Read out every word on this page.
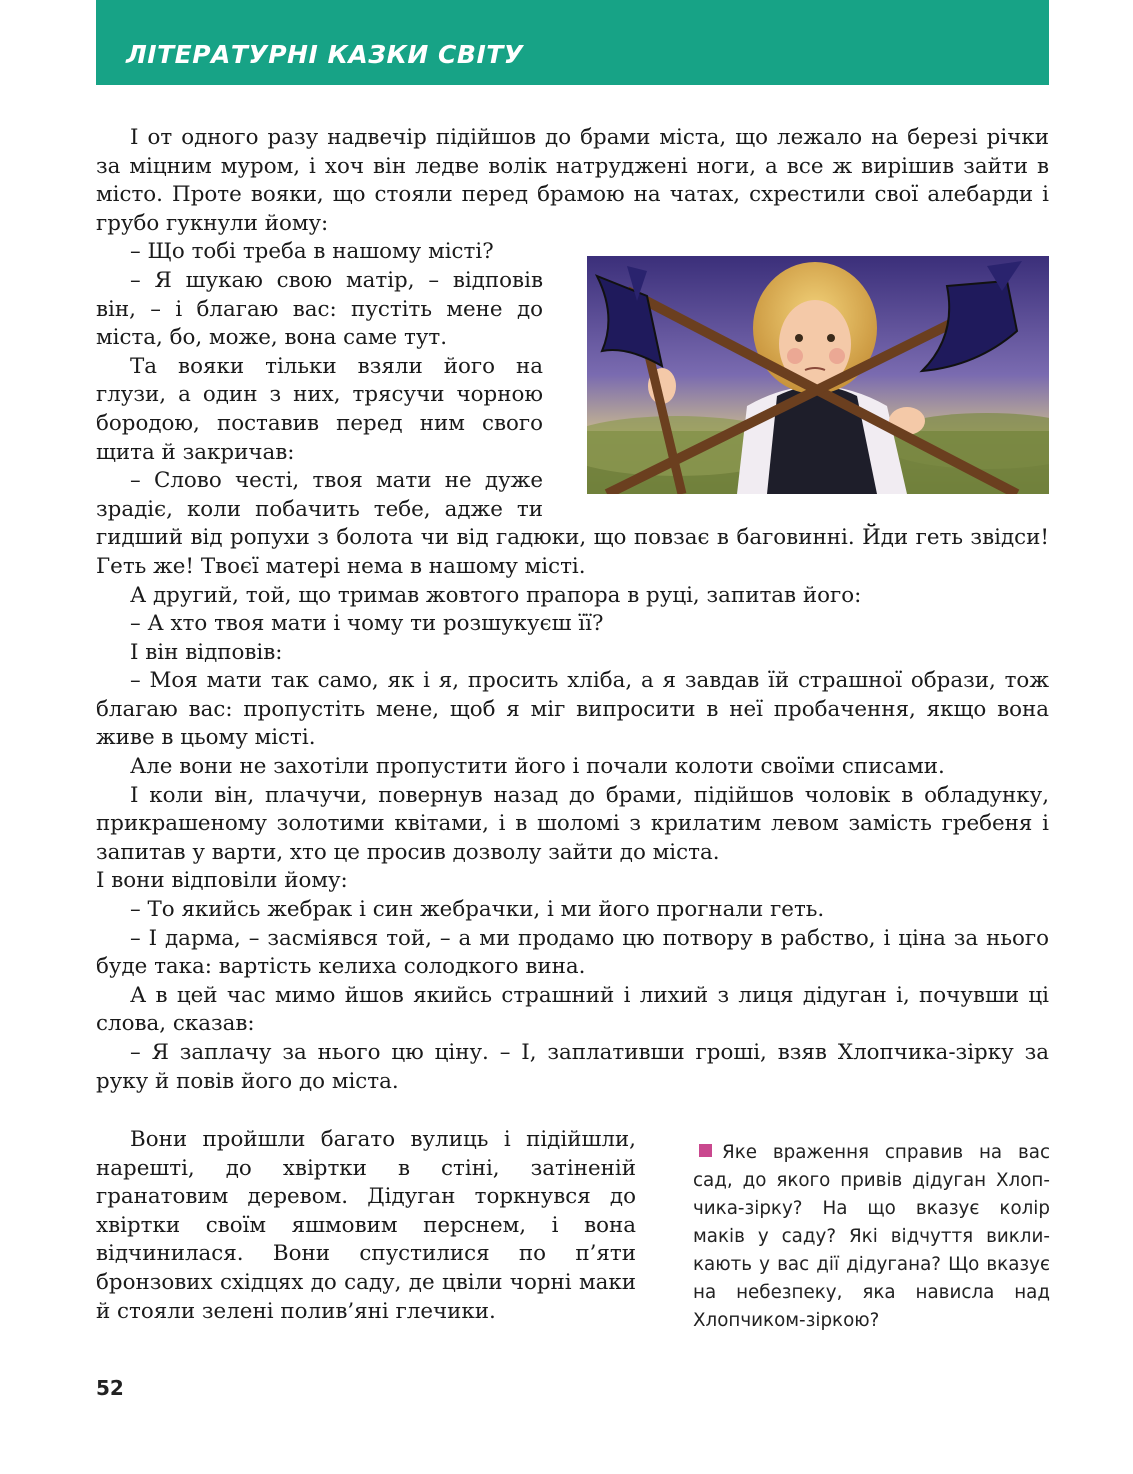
ЛІТЕРАТУРНІ КАЗКИ СВІТУ

І от одного разу надвечір підійшов до брами міста, що лежало на березі річки за міцним муром, і хоч він ледве волік натруджені ноги, а все ж вирішив зайти в місто. Проте вояки, що стояли перед брамою на чатах, схрестили свої алебарди і грубо гукнули йому:

– Що тобі треба в нашому місті?

– Я шукаю свою матір, – відповів він, – і благаю вас: пустіть мене до міста, бо, може, вона саме тут.

Та вояки тільки взяли його на глузи, а один з них, трясучи чорною бородою, поставив перед ним свого щита й закричав:

– Слово честі, твоя мати не дуже зрадіє, коли побачить тебе, адже ти гидший від ропухи з болота чи від гадюки, що повзає в баговинні. Йди геть звідси! Геть же! Твоєї матері нема в нашому місті.

А другий, той, що тримав жовтого прапора в руці, запитав його:

– А хто твоя мати і чому ти розшукуєш її?

І він відповів:

– Моя мати так само, як і я, просить хліба, а я завдав їй страшної образи, тож благаю вас: пропустіть мене, щоб я міг випросити в неї пробачення, якщо вона живе в цьому місті.

Але вони не захотіли пропустити його і почали колоти своїми списами.

І коли він, плачучи, повернув назад до брами, підійшов чоловік в обладунку, прикрашеному золотими квітами, і в шоломі з крилатим левом замість гребеня і запитав у варти, хто це просив дозволу зайти до міста.

І вони відповіли йому:

– То якийсь жебрак і син жебрачки, і ми його прогнали геть.

– І дарма, – засміявся той, – а ми продамо цю потвору в рабство, і ціна за нього буде така: вартість келиха солодкого вина.

А в цей час мимо йшов якийсь страшний і лихий з лиця дідуган і, почувши ці слова, сказав:

– Я заплачу за нього цю ціну. – І, заплативши гроші, взяв Хлопчика-зірку за руку й повів його до міста.

Вони пройшли багато вулиць і підійшли, нарешті, до хвіртки в стіні, затіненій гранатовим деревом. Дідуган торкнувся до хвіртки своїм яшмовим перснем, і вона відчинилася. Вони спустилися по п’яти бронзових східцях до саду, де цвіли чорні маки й стояли зелені полив’яні глечики.

Яке враження справив на вас сад, до якого привів дідуган Хлопчика-зірку? На що вказує колір маків у саду? Які відчуття викликають у вас дії дідугана? Що вказує на небезпеку, яка нависла над Хлопчиком-зіркою?
52
